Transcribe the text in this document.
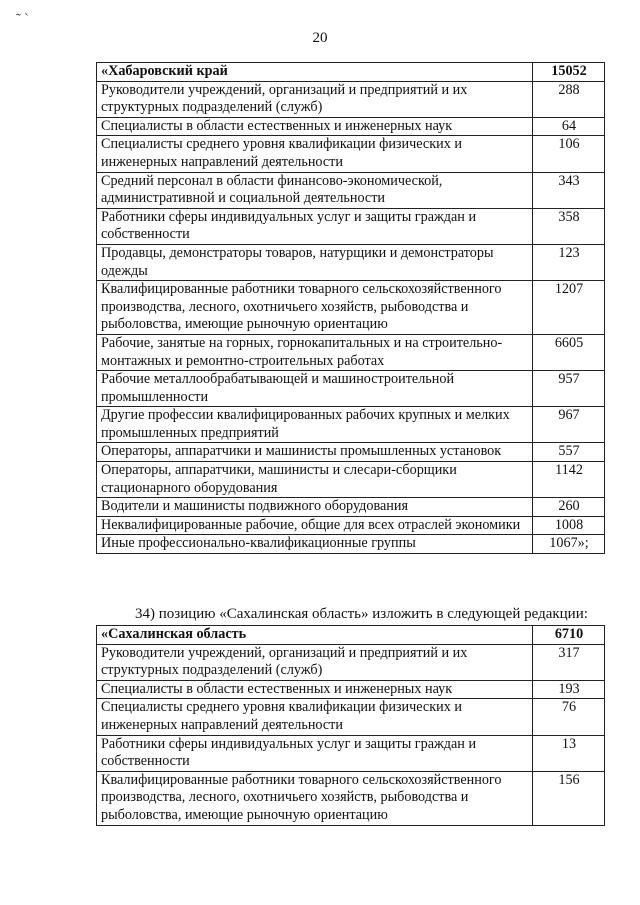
˜ `
20
«Хабаровский край	15052
Руководители учреждений, организаций и предприятий и их структурных подразделений (служб)	288
Специалисты в области естественных и инженерных наук	64
Специалисты среднего уровня квалификации физических и инженерных направлений деятельности	106
Средний персонал в области финансово-экономической, административной и социальной деятельности	343
Работники сферы индивидуальных услуг и защиты граждан и собственности	358
Продавцы, демонстраторы товаров, натурщики и демонстраторы одежды	123
Квалифицированные работники товарного сельскохозяйственного производства, лесного, охотничьего хозяйств, рыбоводства и рыболовства, имеющие рыночную ориентацию	1207
Рабочие, занятые на горных, горнокапитальных и на строительно-монтажных и ремонтно-строительных работах	6605
Рабочие металлообрабатывающей и машиностроительной промышленности	957
Другие профессии квалифицированных рабочих крупных и мелких промышленных предприятий	967
Операторы, аппаратчики и машинисты промышленных установок	557
Операторы, аппаратчики, машинисты и слесари-сборщики стационарного оборудования	1142
Водители и машинисты подвижного оборудования	260
Неквалифицированные рабочие, общие для всех отраслей экономики	1008
Иные профессионально-квалификационные группы	1067»;
34) позицию «Сахалинская область» изложить в следующей редакции:
«Сахалинская область	6710
Руководители учреждений, организаций и предприятий и их структурных подразделений (служб)	317
Специалисты в области естественных и инженерных наук	193
Специалисты среднего уровня квалификации физических и инженерных направлений деятельности	76
Работники сферы индивидуальных услуг и защиты граждан и собственности	13
Квалифицированные работники товарного сельскохозяйственного производства, лесного, охотничьего хозяйств, рыбоводства и рыболовства, имеющие рыночную ориентацию	156
